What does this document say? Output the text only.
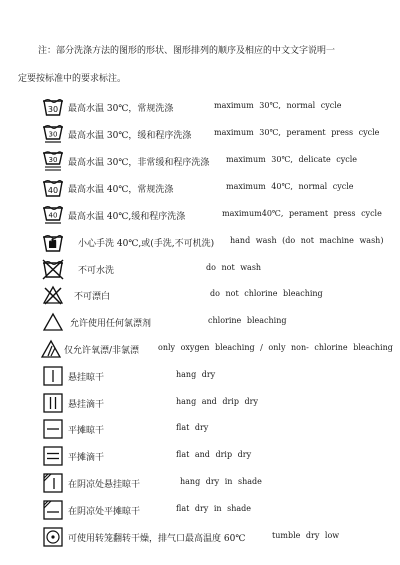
注：部分洗涤方法的图形的形状、图形排列的顺序及相应的中文文字说明一
定要按标准中的要求标注。
30 最高水温 30℃，常规洗涤	maximum 30℃, normal cycle
30 最高水温 30℃，缓和程序洗涤	maximum 30℃, perament press cycle
30 最高水温 30℃，非常缓和程序洗涤 maximum 30℃, delicate cycle
40 最高水温 40℃，常规洗涤	maximum 40℃, normal cycle
40 最高水温 40℃,缓和程序洗涤	maximum40℃, perament press cycle
小心手洗 40℃,或(手洗,不可机洗) hand wash (do not machine wash)
不可水洗	do not wash
不可漂白	do not chlorine bleaching
允许使用任何氯漂剂	chlorine bleaching
仅允许氧漂/非氯漂 only oxygen bleaching / only non- chlorine bleaching
悬挂晾干	hang dry
悬挂滴干	hang and drip dry
平摊晾干	flat dry
平摊滴干	flat and drip dry
在阴凉处悬挂晾干	hang dry in shade
在阴凉处平摊晾干	flat dry in shade
可使用转笼翻转干燥，排气口最高温度 60℃	tumble dry low
